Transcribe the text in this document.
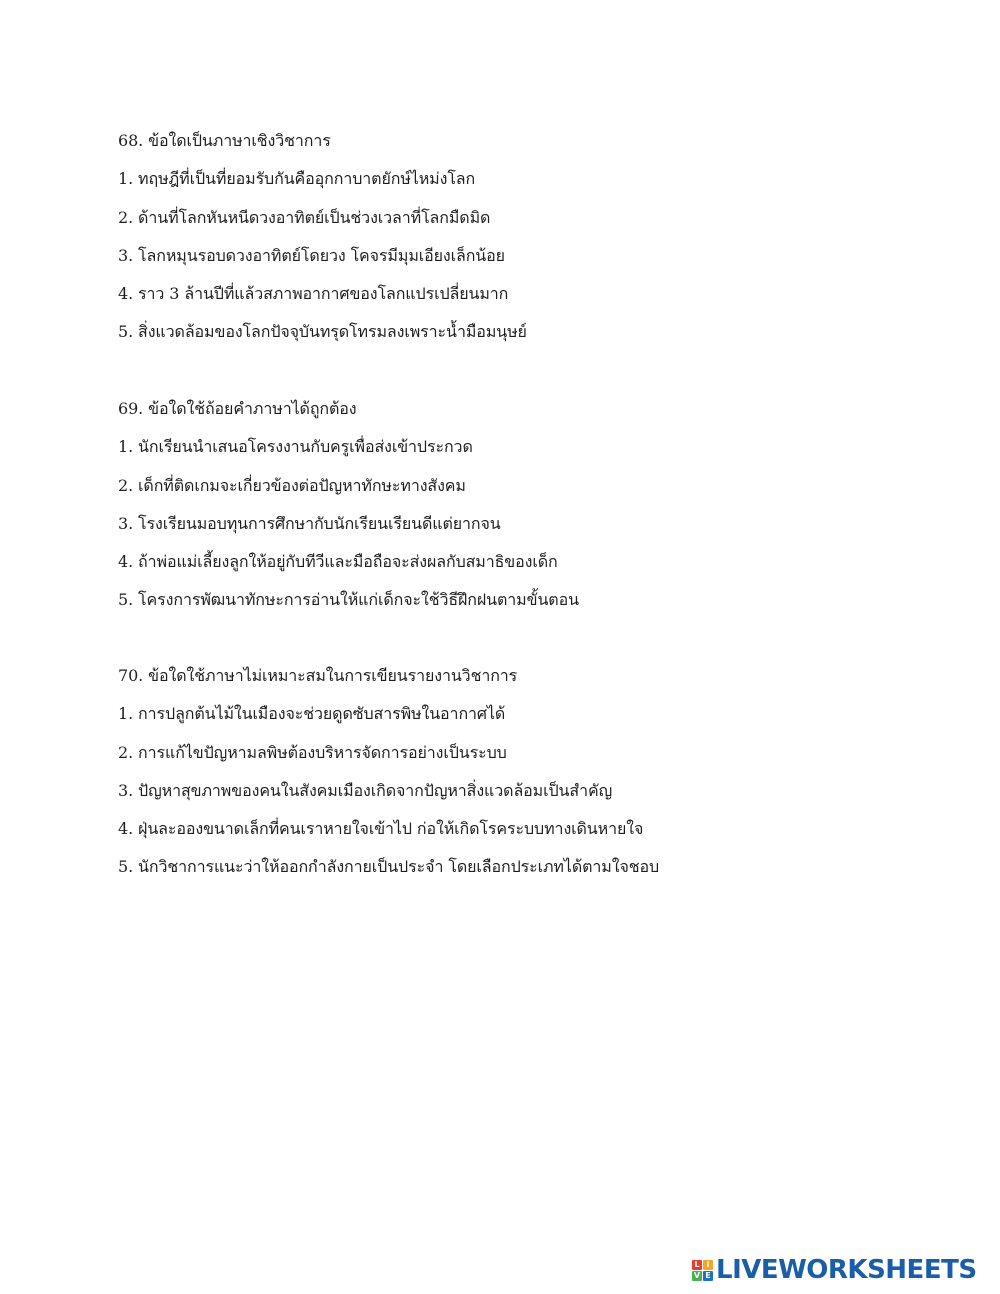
68. ข้อใดเป็นภาษาเชิงวิชาการ
1. ทฤษฎีที่เป็นที่ยอมรับกันคืออุกกาบาตยักษ์ไหม่งโลก
2. ด้านที่โลกหันหนีดวงอาทิตย์เป็นช่วงเวลาที่โลกมืดมิด
3. โลกหมุนรอบดวงอาทิตย์โดยวง โคจรมีมุมเอียงเล็กน้อย
4. ราว 3 ล้านปีที่แล้วสภาพอากาศของโลกแปรเปลี่ยนมาก
5. สิ่งแวดล้อมของโลกปัจจุบันทรุดโทรมลงเพราะน้ำมือมนุษย์
69. ข้อใดใช้ถ้อยคำภาษาได้ถูกต้อง
1. นักเรียนนำเสนอโครงงานกับครูเพื่อส่งเข้าประกวด
2. เด็กที่ติดเกมจะเกี่ยวข้องต่อปัญหาทักษะทางสังคม
3. โรงเรียนมอบทุนการศึกษากับนักเรียนเรียนดีแต่ยากจน
4. ถ้าพ่อแม่เลี้ยงลูกให้อยู่กับทีวีและมือถือจะส่งผลกับสมาธิของเด็ก
5. โครงการพัฒนาทักษะการอ่านให้แก่เด็กจะใช้วิธีฝึกฝนตามขั้นตอน
70. ข้อใดใช้ภาษาไม่เหมาะสมในการเขียนรายงานวิชาการ
1. การปลูกต้นไม้ในเมืองจะช่วยดูดซับสารพิษในอากาศได้
2. การแก้ไขปัญหามลพิษต้องบริหารจัดการอย่างเป็นระบบ
3. ปัญหาสุขภาพของคนในสังคมเมืองเกิดจากปัญหาสิ่งแวดล้อมเป็นสำคัญ
4. ฝุ่นละอองขนาดเล็กที่คนเราหายใจเข้าไป ก่อให้เกิดโรคระบบทางเดินหายใจ
5. นักวิชาการแนะว่าให้ออกกำลังกายเป็นประจำ โดยเลือกประเภทได้ตามใจชอบ
L I
V E LIVEWORKSHEETS
